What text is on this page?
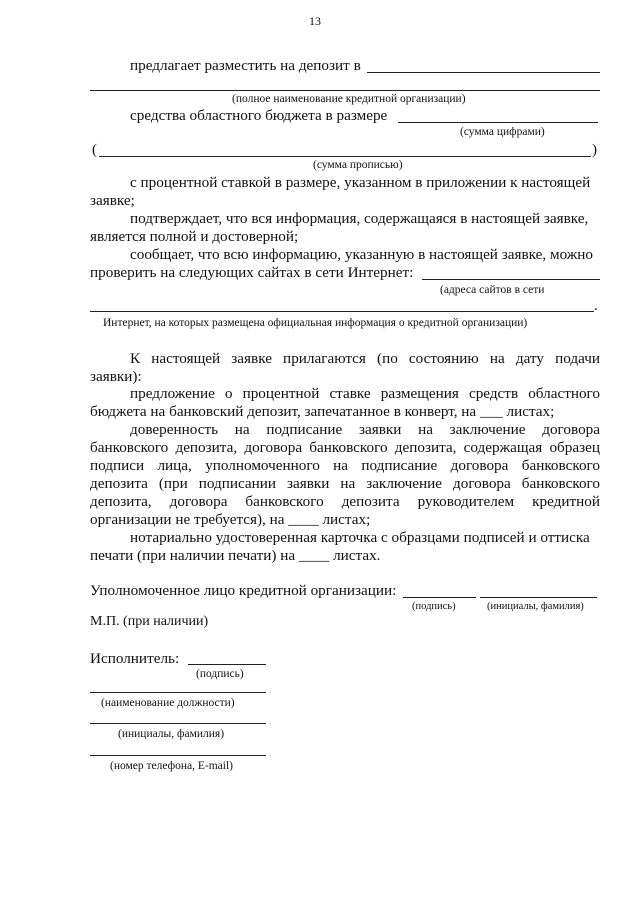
13
предлагает разместить на депозит в
(полное наименование кредитной организации)
средства областного бюджета в размере
(сумма цифрами)
(	)
(сумма прописью)
с процентной ставкой в размере, указанном в приложении к настоящей
заявке;
подтверждает, что вся информация, содержащаяся в настоящей заявке,
является полной и достоверной;
сообщает, что всю информацию, указанную в настоящей заявке, можно
проверить на следующих сайтах в сети Интернет:
(адреса сайтов в сети
.
Интернет, на которых размещена официальная информация о кредитной организации)
К настоящей заявке прилагаются (по состоянию на дату подачи
заявки):
предложение о процентной ставке размещения средств областного
бюджета на банковский депозит, запечатанное в конверт, на ___ листах;
доверенность на подписание заявки на заключение договора
банковского депозита, договора банковского депозита, содержащая образец
подписи лица, уполномоченного на подписание договора банковского
депозита (при подписании заявки на заключение договора банковского
депозита, договора банковского депозита руководителем кредитной
организации не требуется), на ____ листах;
нотариально удостоверенная карточка с образцами подписей и оттиска
печати (при наличии печати) на ____ листах.
Уполномоченное лицо кредитной организации:
(подпись)	(инициалы, фамилия)
М.П. (при наличии)
Исполнитель:
(подпись)
(наименование должности)
(инициалы, фамилия)
(номер телефона, E-mail)
